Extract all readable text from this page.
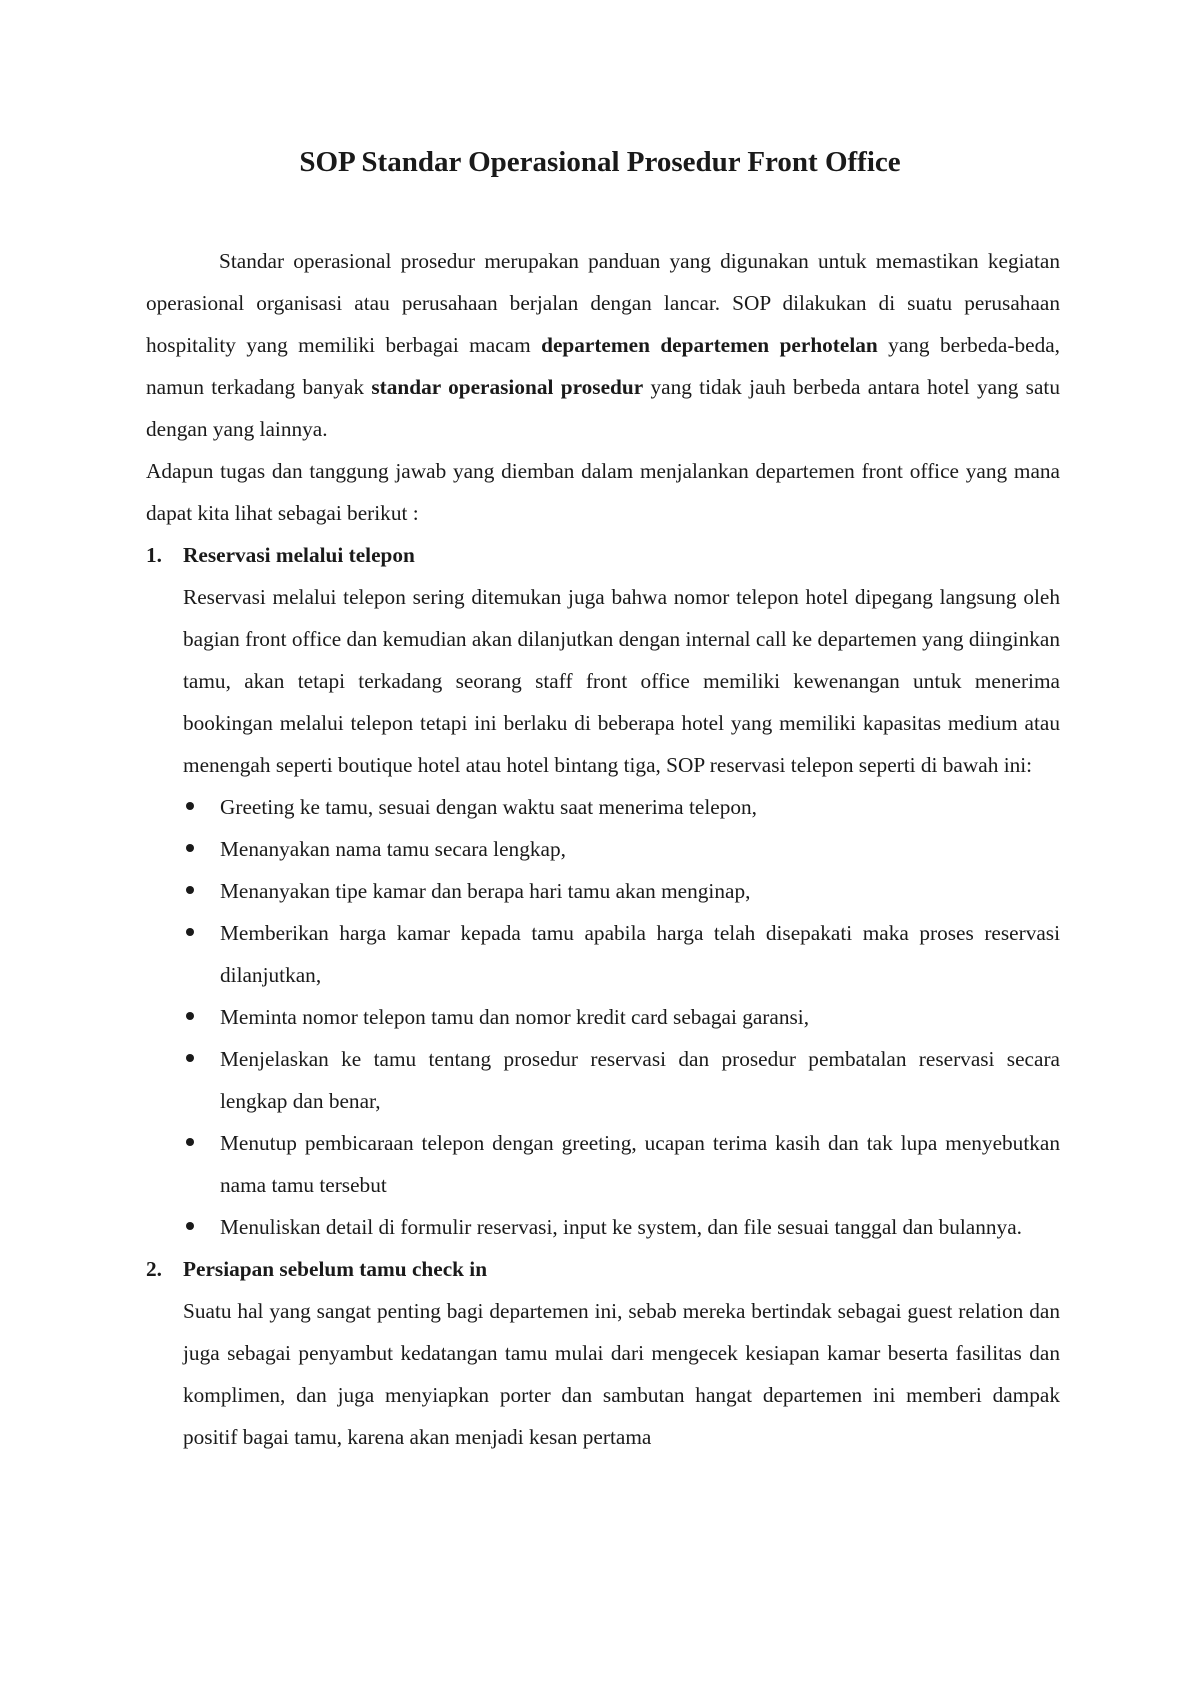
SOP Standar Operasional Prosedur Front Office

Standar operasional prosedur merupakan panduan yang digunakan untuk memastikan kegiatan operasional organisasi atau perusahaan berjalan dengan lancar. SOP dilakukan di suatu perusahaan hospitality yang memiliki berbagai macam departemen departemen perhotelan yang berbeda-beda, namun terkadang banyak standar operasional prosedur yang tidak jauh berbeda antara hotel yang satu dengan yang lainnya.

Adapun tugas dan tanggung jawab yang diemban dalam menjalankan departemen front office yang mana dapat kita lihat sebagai berikut :

1. Reservasi melalui telepon

Reservasi melalui telepon sering ditemukan juga bahwa nomor telepon hotel dipegang langsung oleh bagian front office dan kemudian akan dilanjutkan dengan internal call ke departemen yang diinginkan tamu, akan tetapi terkadang seorang staff front office memiliki kewenangan untuk menerima bookingan melalui telepon tetapi ini berlaku di beberapa hotel yang memiliki kapasitas medium atau menengah seperti boutique hotel atau hotel bintang tiga, SOP reservasi telepon seperti di bawah ini:

Greeting ke tamu, sesuai dengan waktu saat menerima telepon,
Menanyakan nama tamu secara lengkap,
Menanyakan tipe kamar dan berapa hari tamu akan menginap,
Memberikan harga kamar kepada tamu apabila harga telah disepakati maka proses reservasi dilanjutkan,
Meminta nomor telepon tamu dan nomor kredit card sebagai garansi,
Menjelaskan ke tamu tentang prosedur reservasi dan prosedur pembatalan reservasi secara lengkap dan benar,
Menutup pembicaraan telepon dengan greeting, ucapan terima kasih dan tak lupa menyebutkan nama tamu tersebut
Menuliskan detail di formulir reservasi, input ke system, dan file sesuai tanggal dan bulannya.
2. Persiapan sebelum tamu check in

Suatu hal yang sangat penting bagi departemen ini, sebab mereka bertindak sebagai guest relation dan juga sebagai penyambut kedatangan tamu mulai dari mengecek kesiapan kamar beserta fasilitas dan komplimen, dan juga menyiapkan porter dan sambutan hangat departemen ini memberi dampak positif bagai tamu, karena akan menjadi kesan pertama
